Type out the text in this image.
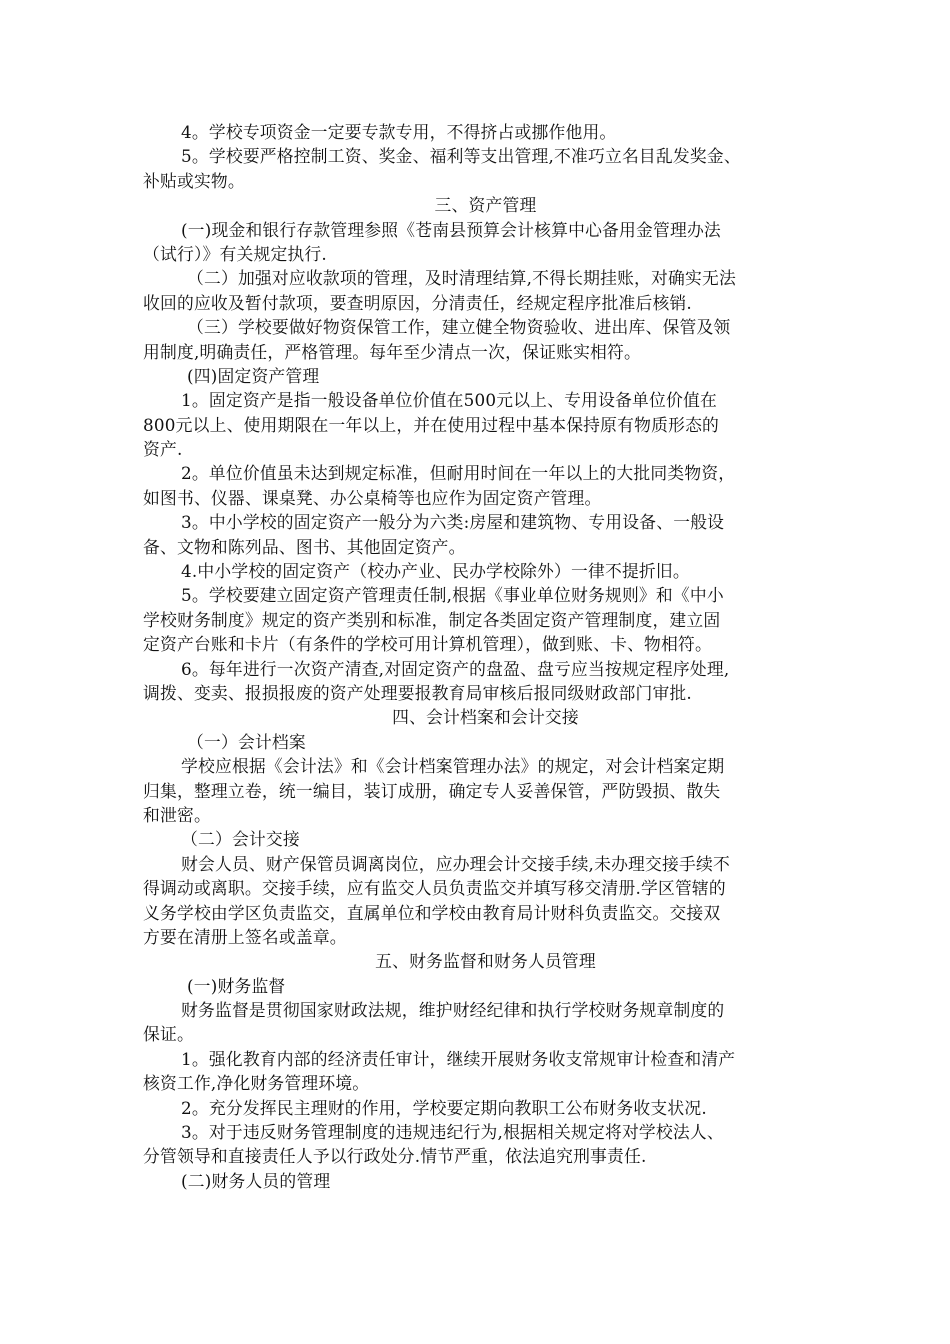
4。学校专项资金一定要专款专用，不得挤占或挪作他用。
5。学校要严格控制工资、奖金、福利等支出管理,不准巧立名目乱发奖金、
补贴或实物。
三、资产管理
(一)现金和银行存款管理参照《苍南县预算会计核算中心备用金管理办法
（试行）》有关规定执行.
（二）加强对应收款项的管理，及时清理结算,不得长期挂账，对确实无法
收回的应收及暂付款项，要查明原因，分清责任，经规定程序批准后核销.
（三）学校要做好物资保管工作，建立健全物资验收、进出库、保管及领
用制度,明确责任，严格管理。每年至少清点一次，保证账实相符。
(四)固定资产管理
1。固定资产是指一般设备单位价值在500元以上、专用设备单位价值在
800元以上、使用期限在一年以上，并在使用过程中基本保持原有物质形态的
资产.
2。单位价值虽未达到规定标准，但耐用时间在一年以上的大批同类物资，
如图书、仪器、课桌凳、办公桌椅等也应作为固定资产管理。
3。中小学校的固定资产一般分为六类:房屋和建筑物、专用设备、一般设
备、文物和陈列品、图书、其他固定资产。
4.中小学校的固定资产（校办产业、民办学校除外）一律不提折旧。
5。学校要建立固定资产管理责任制,根据《事业单位财务规则》和《中小
学校财务制度》规定的资产类别和标准，制定各类固定资产管理制度，建立固
定资产台账和卡片（有条件的学校可用计算机管理），做到账、卡、物相符。
6。每年进行一次资产清查,对固定资产的盘盈、盘亏应当按规定程序处理,
调拨、变卖、报损报废的资产处理要报教育局审核后报同级财政部门审批.
四、会计档案和会计交接
（一）会计档案
学校应根据《会计法》和《会计档案管理办法》的规定，对会计档案定期
归集，整理立卷，统一编目，装订成册，确定专人妥善保管，严防毁损、散失
和泄密。
（二）会计交接
财会人员、财产保管员调离岗位，应办理会计交接手续,未办理交接手续不
得调动或离职。交接手续，应有监交人员负责监交并填写移交清册.学区管辖的
义务学校由学区负责监交，直属单位和学校由教育局计财科负责监交。交接双
方要在清册上签名或盖章。
五、财务监督和财务人员管理
(一)财务监督
财务监督是贯彻国家财政法规，维护财经纪律和执行学校财务规章制度的
保证。
1。强化教育内部的经济责任审计，继续开展财务收支常规审计检查和清产
核资工作,净化财务管理环境。
2。充分发挥民主理财的作用，学校要定期向教职工公布财务收支状况.
3。对于违反财务管理制度的违规违纪行为,根据相关规定将对学校法人、
分管领导和直接责任人予以行政处分.情节严重，依法追究刑事责任.
(二)财务人员的管理
